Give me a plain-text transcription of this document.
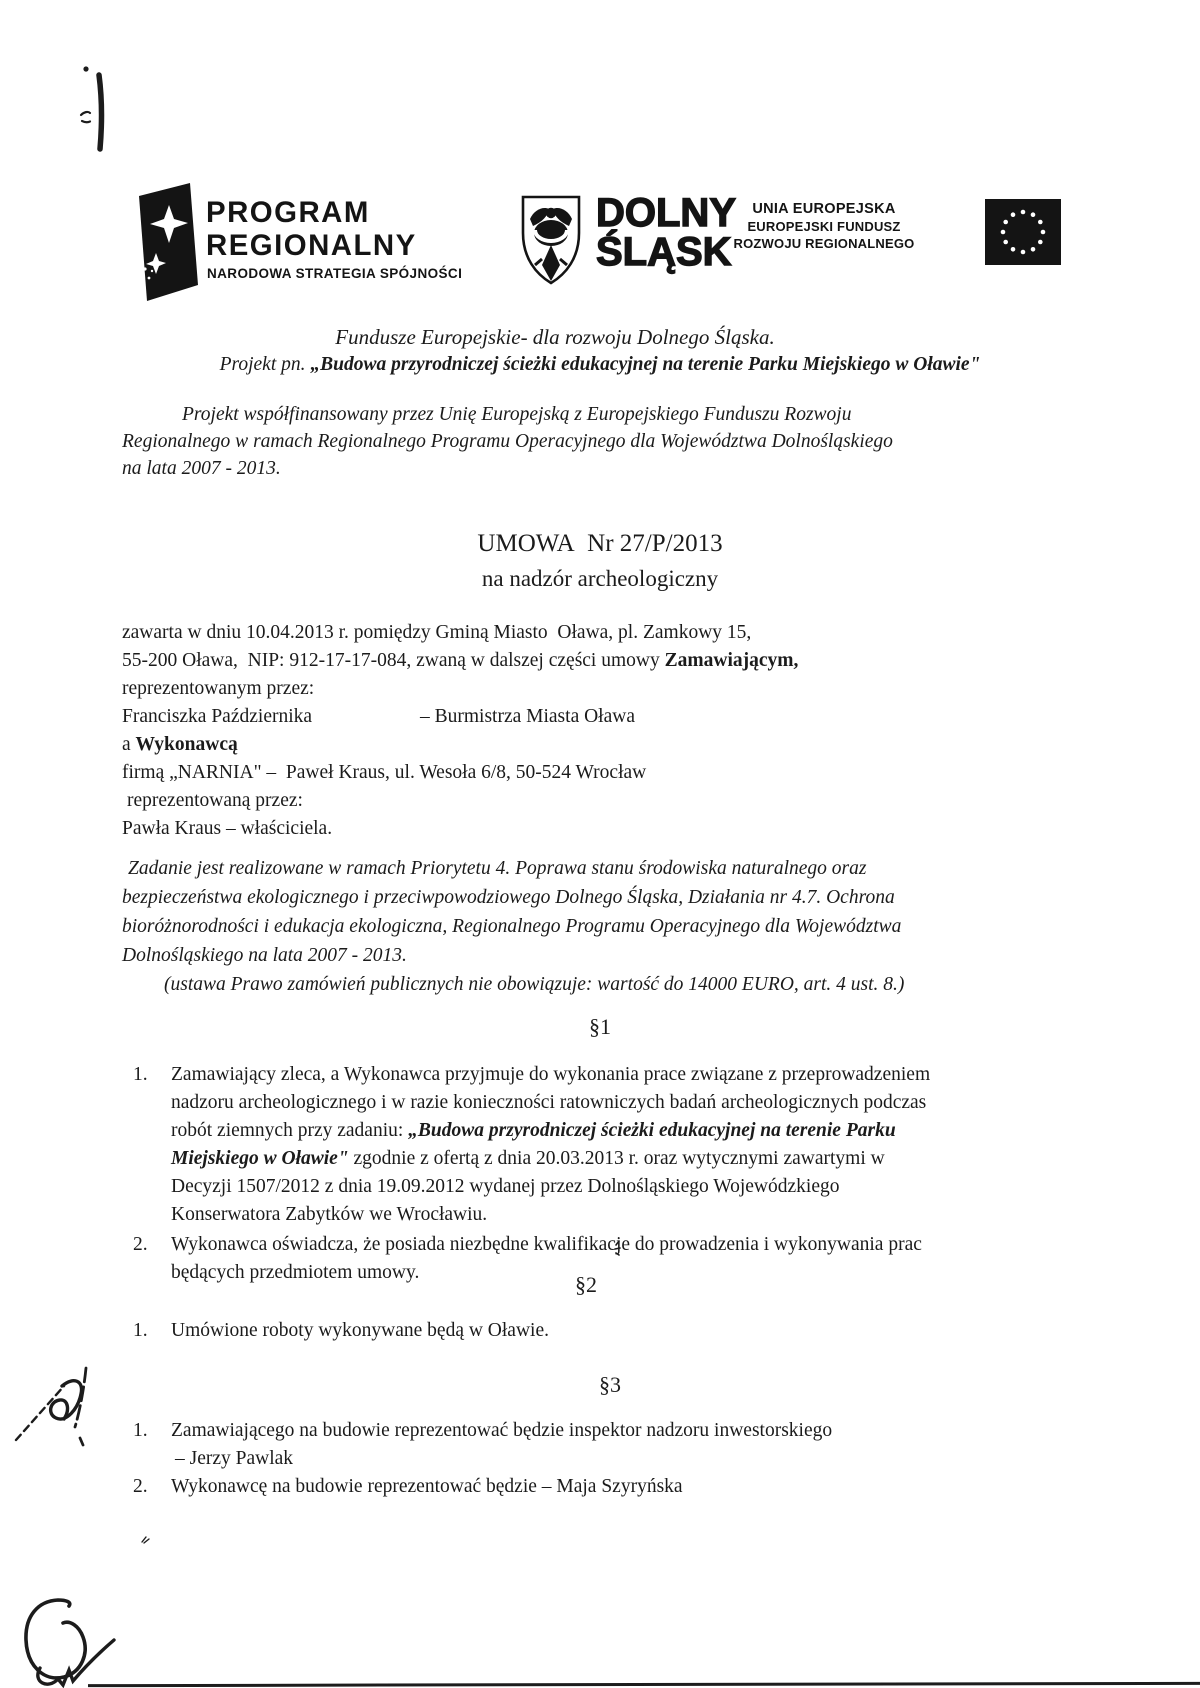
PROGRAM
REGIONALNY
NARODOWA STRATEGIA SPÓJNOŚCI
DOLNY
ŚLĄSK
UNIA EUROPEJSKA
EUROPEJSKI FUNDUSZ
ROZWOJU REGIONALNEGO
Fundusze Europejskie- dla rozwoju Dolnego Śląska.
Projekt pn. „Budowa przyrodniczej ścieżki edukacyjnej na terenie Parku Miejskiego w Oławie"
Projekt współfinansowany przez Unię Europejską z Europejskiego Funduszu Rozwoju
Regionalnego w ramach Regionalnego Programu Operacyjnego dla Województwa Dolnośląskiego
na lata 2007 - 2013.
UMOWA  Nr 27/P/2013
na nadzór archeologiczny
zawarta w dniu 10.04.2013 r. pomiędzy Gminą Miasto  Oława, pl. Zamkowy 15,
55-200 Oława,  NIP: 912-17-17-084, zwaną w dalszej części umowy Zamawiającym,
reprezentowanym przez:
Franciszka Października	– Burmistrza Miasta Oława
a Wykonawcą
firmą „NARNIA" –  Paweł Kraus, ul. Wesoła 6/8, 50-524 Wrocław
reprezentowaną przez:
Pawła Kraus – właściciela.
Zadanie jest realizowane w ramach Priorytetu 4. Poprawa stanu środowiska naturalnego oraz
bezpieczeństwa ekologicznego i przeciwpowodziowego Dolnego Śląska, Działania nr 4.7. Ochrona
bioróżnorodności i edukacja ekologiczna, Regionalnego Programu Operacyjnego dla Województwa
Dolnośląskiego na lata 2007 - 2013.
(ustawa Prawo zamówień publicznych nie obowiązuje: wartość do 14000 EURO, art. 4 ust. 8.)
§1
1. Zamawiający zleca, a Wykonawca przyjmuje do wykonania prace związane z przeprowadzeniem
nadzoru archeologicznego i w razie konieczności ratowniczych badań archeologicznych podczas
robót ziemnych przy zadaniu: „Budowa przyrodniczej ścieżki edukacyjnej na terenie Parku
Miejskiego w Oławie" zgodnie z ofertą z dnia 20.03.2013 r. oraz wytycznymi zawartymi w
Decyzji 1507/2012 z dnia 19.09.2012 wydanej przez Dolnośląskiego Wojewódzkiego
Konserwatora Zabytków we Wrocławiu.
2. Wykonawca oświadcza, że posiada niezbędne kwalifikacje do prowadzenia i wykonywania prac
będących przedmiotem umowy.	§2
1. Umówione roboty wykonywane będą w Oławie.
§3
1. Zamawiającego na budowie reprezentować będzie inspektor nadzoru inwestorskiego
– Jerzy Pawlak
2. Wykonawcę na budowie reprezentować będzie – Maja Szyryńska
